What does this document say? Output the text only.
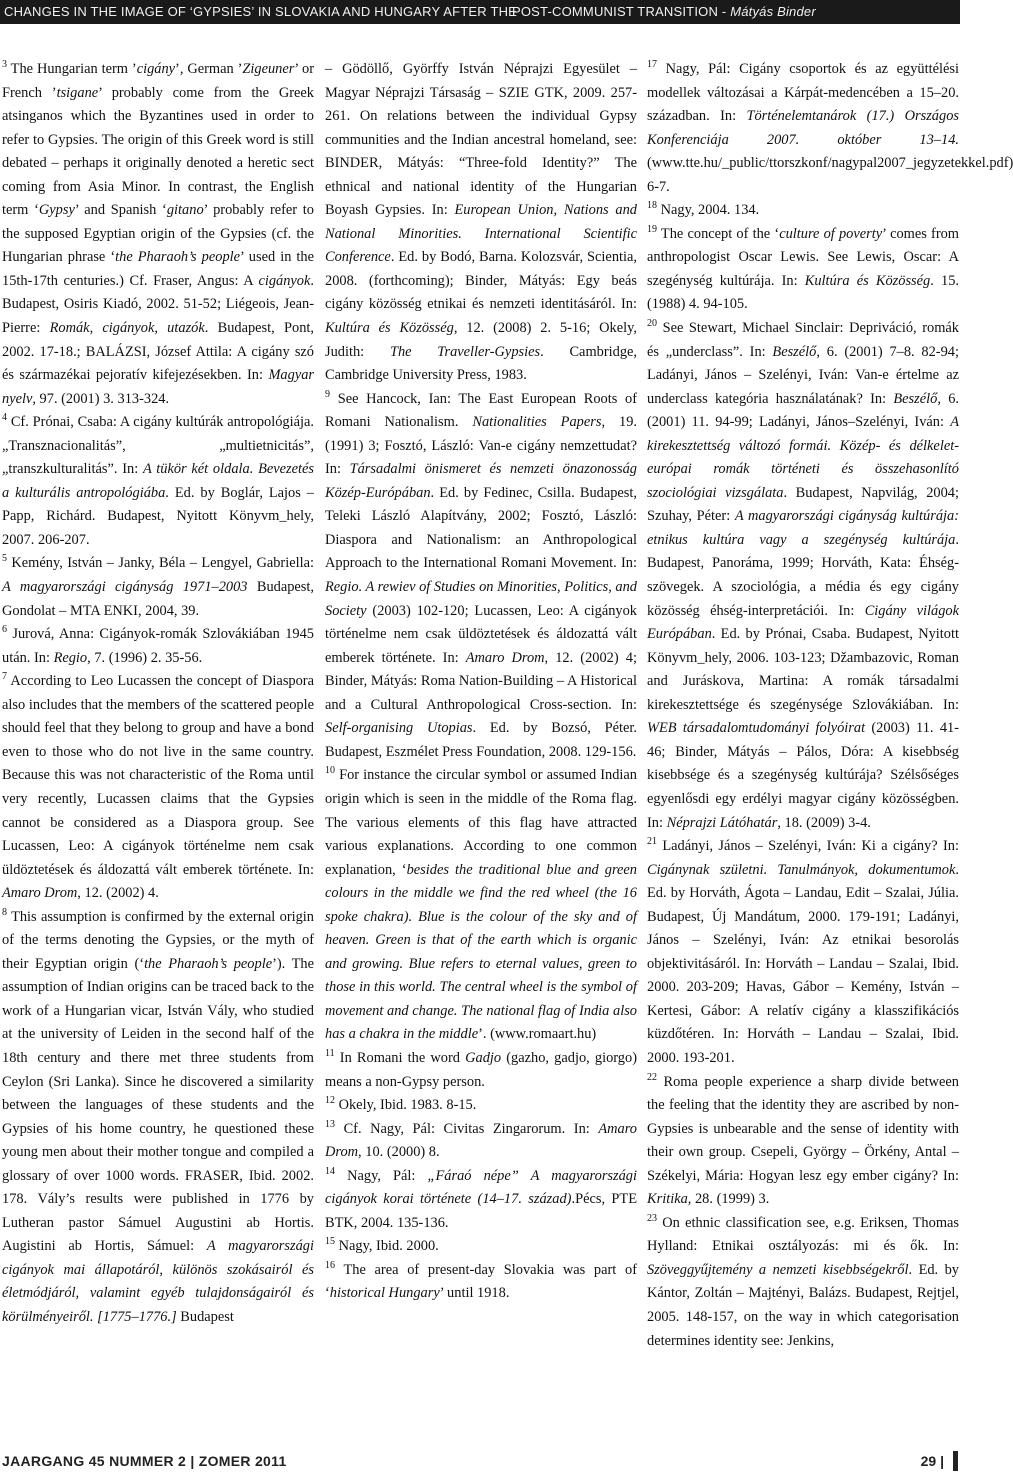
CHANGES IN THE IMAGE OF ‘GYPSIES’ IN SLOVAKIA AND HUNGARY AFTER THE
POST-COMMUNIST TRANSITION - Mátyás Binder

$^3$ The Hungarian term ’cigány’, German ’Zigeuner’ or French ’tsigane’ probably come from the Greek atsinganos which the Byzantines used in order to refer to Gypsies. The origin of this Greek word is still debated – perhaps it originally denoted a heretic sect coming from Asia Minor. In contrast, the English term ‘Gypsy’ and Spanish ‘gitano’ probably refer to the supposed Egyptian origin of the Gypsies (cf. the Hungarian phrase ‘the Pharaoh’s people’ used in the 15th-17th centuries.) Cf. Fraser, Angus: A cigányok. Budapest, Osiris Kiadó, 2002. 51-52; Liégeois, Jean-Pierre: Romák, cigányok, utazók. Budapest, Pont, 2002. 17-18.; BALÁZSI, József Attila: A cigány szó és származékai pejoratív kifejezésekben. In: Magyar nyelv, 97. (2001) 3. 313-324.

$^4$ Cf. Prónai, Csaba: A cigány kultúrák antropológiája. „Transznacionalitás”, „multietnicitás”, „transzkulturalitás”. In: A tükör két oldala. Bevezetés a kulturális antropológiába. Ed. by Boglár, Lajos – Papp, Richárd. Budapest, Nyitott Könyvm_hely, 2007. 206-207.

$^5$ Kemény, István – Janky, Béla – Lengyel, Gabriella: A magyarországi cigányság 1971–2003 Budapest, Gondolat – MTA ENKI, 2004, 39.

$^6$ Jurová, Anna: Cigányok-romák Szlovákiában 1945 után. In: Regio, 7. (1996) 2. 35-56.

$^7$ According to Leo Lucassen the concept of Diaspora also includes that the members of the scattered people should feel that they belong to group and have a bond even to those who do not live in the same country. Because this was not characteristic of the Roma until very recently, Lucassen claims that the Gypsies cannot be considered as a Diaspora group. See Lucassen, Leo: A cigányok történelme nem csak üldöztetések és áldozattá vált emberek története. In: Amaro Drom, 12. (2002) 4.

$^8$ This assumption is confirmed by the external origin of the terms denoting the Gypsies, or the myth of their Egyptian origin (‘the Pharaoh’s people’). The assumption of Indian origins can be traced back to the work of a Hungarian vicar, István Vály, who studied at the university of Leiden in the second half of the 18th century and there met three students from Ceylon (Sri Lanka). Since he discovered a similarity between the languages of these students and the Gypsies of his home country, he questioned these young men about their mother tongue and compiled a glossary of over 1000 words. FRASER, Ibid. 2002. 178. Vály’s results were published in 1776 by Lutheran pastor Sámuel Augustini ab Hortis. Augistini ab Hortis, Sámuel: A magyarországi cigányok mai állapotáról, különös szokásairól és életmódjáról, valamint egyéb tulajdonságairól és körülményeiről. [1775–1776.] Budapest

– Gödöllő, Györffy István Néprajzi Egyesület – Magyar Néprajzi Társaság – SZIE GTK, 2009. 257-261. On relations between the individual Gypsy communities and the Indian ancestral homeland, see: BINDER, Mátyás: “Three-fold Identity?” The ethnical and national identity of the Hungarian Boyash Gypsies. In: European Union, Nations and National Minorities. International Scientific Conference. Ed. by Bodó, Barna. Kolozsvár, Scientia, 2008. (forthcoming); Binder, Mátyás: Egy beás cigány közösség etnikai és nemzeti identitásáról. In: Kultúra és Közösség, 12. (2008) 2. 5-16; Okely, Judith: The Traveller-Gypsies. Cambridge, Cambridge University Press, 1983.

$^9$ See Hancock, Ian: The East European Roots of Romani Nationalism. Nationalities Papers, 19. (1991) 3; Fosztó, László: Van-e cigány nemzettudat? In: Társadalmi önismeret és nemzeti önazonosság Közép-Európában. Ed. by Fedinec, Csilla. Budapest, Teleki László Alapítvány, 2002; Fosztó, László: Diaspora and Nationalism: an Anthropological Approach to the International Romani Movement. In: Regio. A rewiev of Studies on Minorities, Politics, and Society (2003) 102-120; Lucassen, Leo: A cigányok történelme nem csak üldöztetések és áldozattá vált emberek története. In: Amaro Drom, 12. (2002) 4; Binder, Mátyás: Roma Nation-Building – A Historical and a Cultural Anthropological Cross-section. In: Self-organising Utopias. Ed. by Bozsó, Péter. Budapest, Eszmélet Press Foundation, 2008. 129-156.

$^{10}$ For instance the circular symbol or assumed Indian origin which is seen in the middle of the Roma flag. The various elements of this flag have attracted various explanations. According to one common explanation, ‘besides the traditional blue and green colours in the middle we find the red wheel (the 16 spoke chakra). Blue is the colour of the sky and of heaven. Green is that of the earth which is organic and growing. Blue refers to eternal values, green to those in this world. The central wheel is the symbol of movement and change. The national flag of India also has a chakra in the middle’. (www.romaart.hu)

$^{11}$ In Romani the word Gadjo (gazho, gadjo, giorgo) means a non-Gypsy person.

$^{12}$ Okely, Ibid. 1983. 8-15.

$^{13}$ Cf. Nagy, Pál: Civitas Zingarorum. In: Amaro Drom, 10. (2000) 8.

$^{14}$ Nagy, Pál: „Fáraó népe” A magyarországi cigányok korai története (14–17. század).Pécs, PTE BTK, 2004. 135-136.

$^{15}$ Nagy, Ibid. 2000.

$^{16}$ The area of present-day Slovakia was part of ‘historical Hungary’ until 1918.

$^{17}$ Nagy, Pál: Cigány csoportok és az együttélési modellek változásai a Kárpát-medencében a 15–20. században. In: Történelemtanárok (17.) Országos Konferenciája 2007. október 13–14. (www.tte.hu/_public/ttorszkonf/nagypal2007_jegyzetekkel.pdf) 6-7.

$^{18}$ Nagy, 2004. 134.

$^{19}$ The concept of the ‘culture of poverty’ comes from anthropologist Oscar Lewis. See Lewis, Oscar: A szegénység kultúrája. In: Kultúra és Közösség. 15. (1988) 4. 94-105.

$^{20}$ See Stewart, Michael Sinclair: Depriváció, romák és „underclass”. In: Beszélő, 6. (2001) 7–8. 82-94; Ladányi, János – Szelényi, Iván: Van-e értelme az underclass kategória használatának? In: Beszélő, 6. (2001) 11. 94-99; Ladányi, János–Szelényi, Iván: A kirekesztettség változó formái. Közép- és délkelet-európai romák történeti és összehasonlító szociológiai vizsgálata. Budapest, Napvilág, 2004; Szuhay, Péter: A magyarországi cigányság kultúrája: etnikus kultúra vagy a szegénység kultúrája. Budapest, Panoráma, 1999; Horváth, Kata: Éhség-szövegek. A szociológia, a média és egy cigány közösség éhség-interpretációi. In: Cigány világok Európában. Ed. by Prónai, Csaba. Budapest, Nyitott Könyvm_hely, 2006. 103-123; Džambazovic, Roman and Juráskova, Martina: A romák társadalmi kirekesztettsége és szegénysége Szlovákiában. In: WEB társadalomtudományi folyóirat (2003) 11. 41-46; Binder, Mátyás – Pálos, Dóra: A kisebbség kisebbsége és a szegénység kultúrája? Szélsőséges egyenlősdi egy erdélyi magyar cigány közösségben. In: Néprajzi Látóhatár, 18. (2009) 3-4.

$^{21}$ Ladányi, János – Szelényi, Iván: Ki a cigány? In: Cigánynak születni. Tanulmányok, dokumentumok. Ed. by Horváth, Ágota – Landau, Edit – Szalai, Júlia. Budapest, Új Mandátum, 2000. 179-191; Ladányi, János – Szelényi, Iván: Az etnikai besorolás objektivitásáról. In: Horváth – Landau – Szalai, Ibid. 2000. 203-209; Havas, Gábor – Kemény, István – Kertesi, Gábor: A relatív cigány a klasszifikációs küzdőtéren. In: Horváth – Landau – Szalai, Ibid. 2000. 193-201.

$^{22}$ Roma people experience a sharp divide between the feeling that the identity they are ascribed by non-Gypsies is unbearable and the sense of identity with their own group. Csepeli, György – Örkény, Antal – Székelyi, Mária: Hogyan lesz egy ember cigány? In: Kritika, 28. (1999) 3.

$^{23}$ On ethnic classification see, e.g. Eriksen, Thomas Hylland: Etnikai osztályozás: mi és ők. In: Szöveggyűjtemény a nemzeti kisebbségekről. Ed. by Kántor, Zoltán – Majtényi, Balázs. Budapest, Rejtjel, 2005. 148-157, on the way in which categorisation determines identity see: Jenkins,

JAARGANG 45 NUMMER 2 | ZOMER 2011	29 |
